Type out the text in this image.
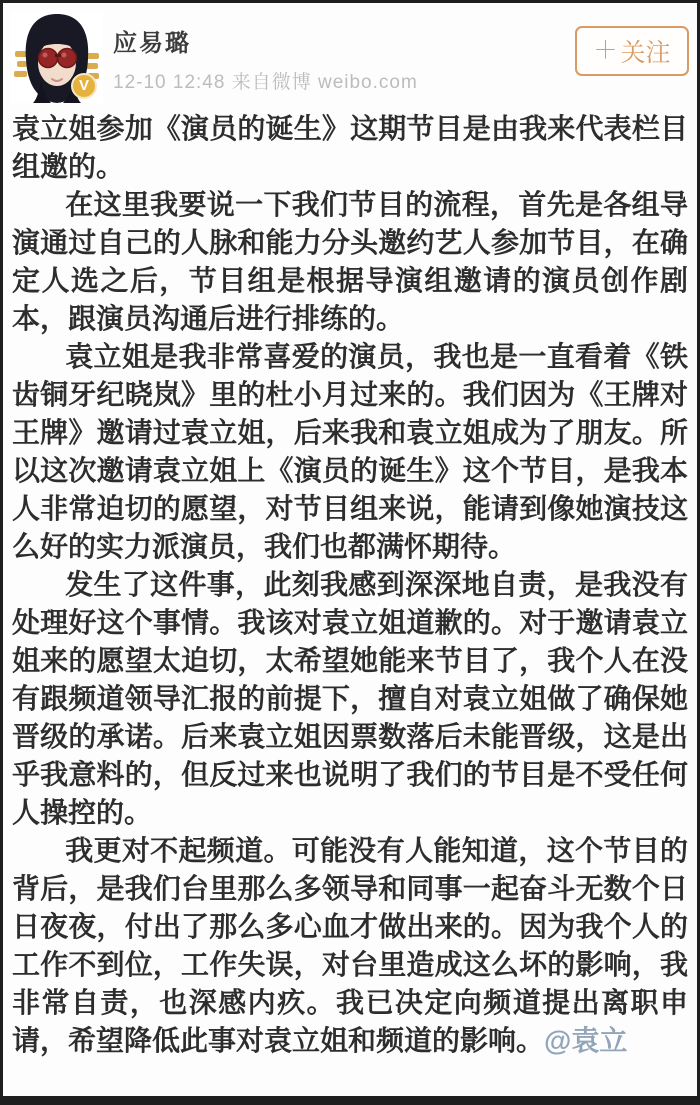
V
应易璐
12-10 12:48 来自微博 weibo.com
＋ 关注

袁立姐参加《演员的诞生》这期节目是由我来代表栏目组邀的。

在这里我要说一下我们节目的流程，首先是各组导演通过自己的人脉和能力分头邀约艺人参加节目，在确定人选之后，节目组是根据导演组邀请的演员创作剧本，跟演员沟通后进行排练的。

袁立姐是我非常喜爱的演员，我也是一直看着《铁齿铜牙纪晓岚》里的杜小月过来的。我们因为《王牌对王牌》邀请过袁立姐，后来我和袁立姐成为了朋友。所以这次邀请袁立姐上《演员的诞生》这个节目，是我本人非常迫切的愿望，对节目组来说，能请到像她演技这么好的实力派演员，我们也都满怀期待。

发生了这件事，此刻我感到深深地自责，是我没有处理好这个事情。我该对袁立姐道歉的。对于邀请袁立姐来的愿望太迫切，太希望她能来节目了，我个人在没有跟频道领导汇报的前提下，擅自对袁立姐做了确保她晋级的承诺。后来袁立姐因票数落后未能晋级，这是出乎我意料的，但反过来也说明了我们的节目是不受任何人操控的。

我更对不起频道。可能没有人能知道，这个节目的背后，是我们台里那么多领导和同事一起奋斗无数个日日夜夜，付出了那么多心血才做出来的。因为我个人的工作不到位，工作失误，对台里造成这么坏的影响，我非常自责，也深感内疚。我已决定向频道提出离职申请，希望降低此事对袁立姐和频道的影响。@袁立
